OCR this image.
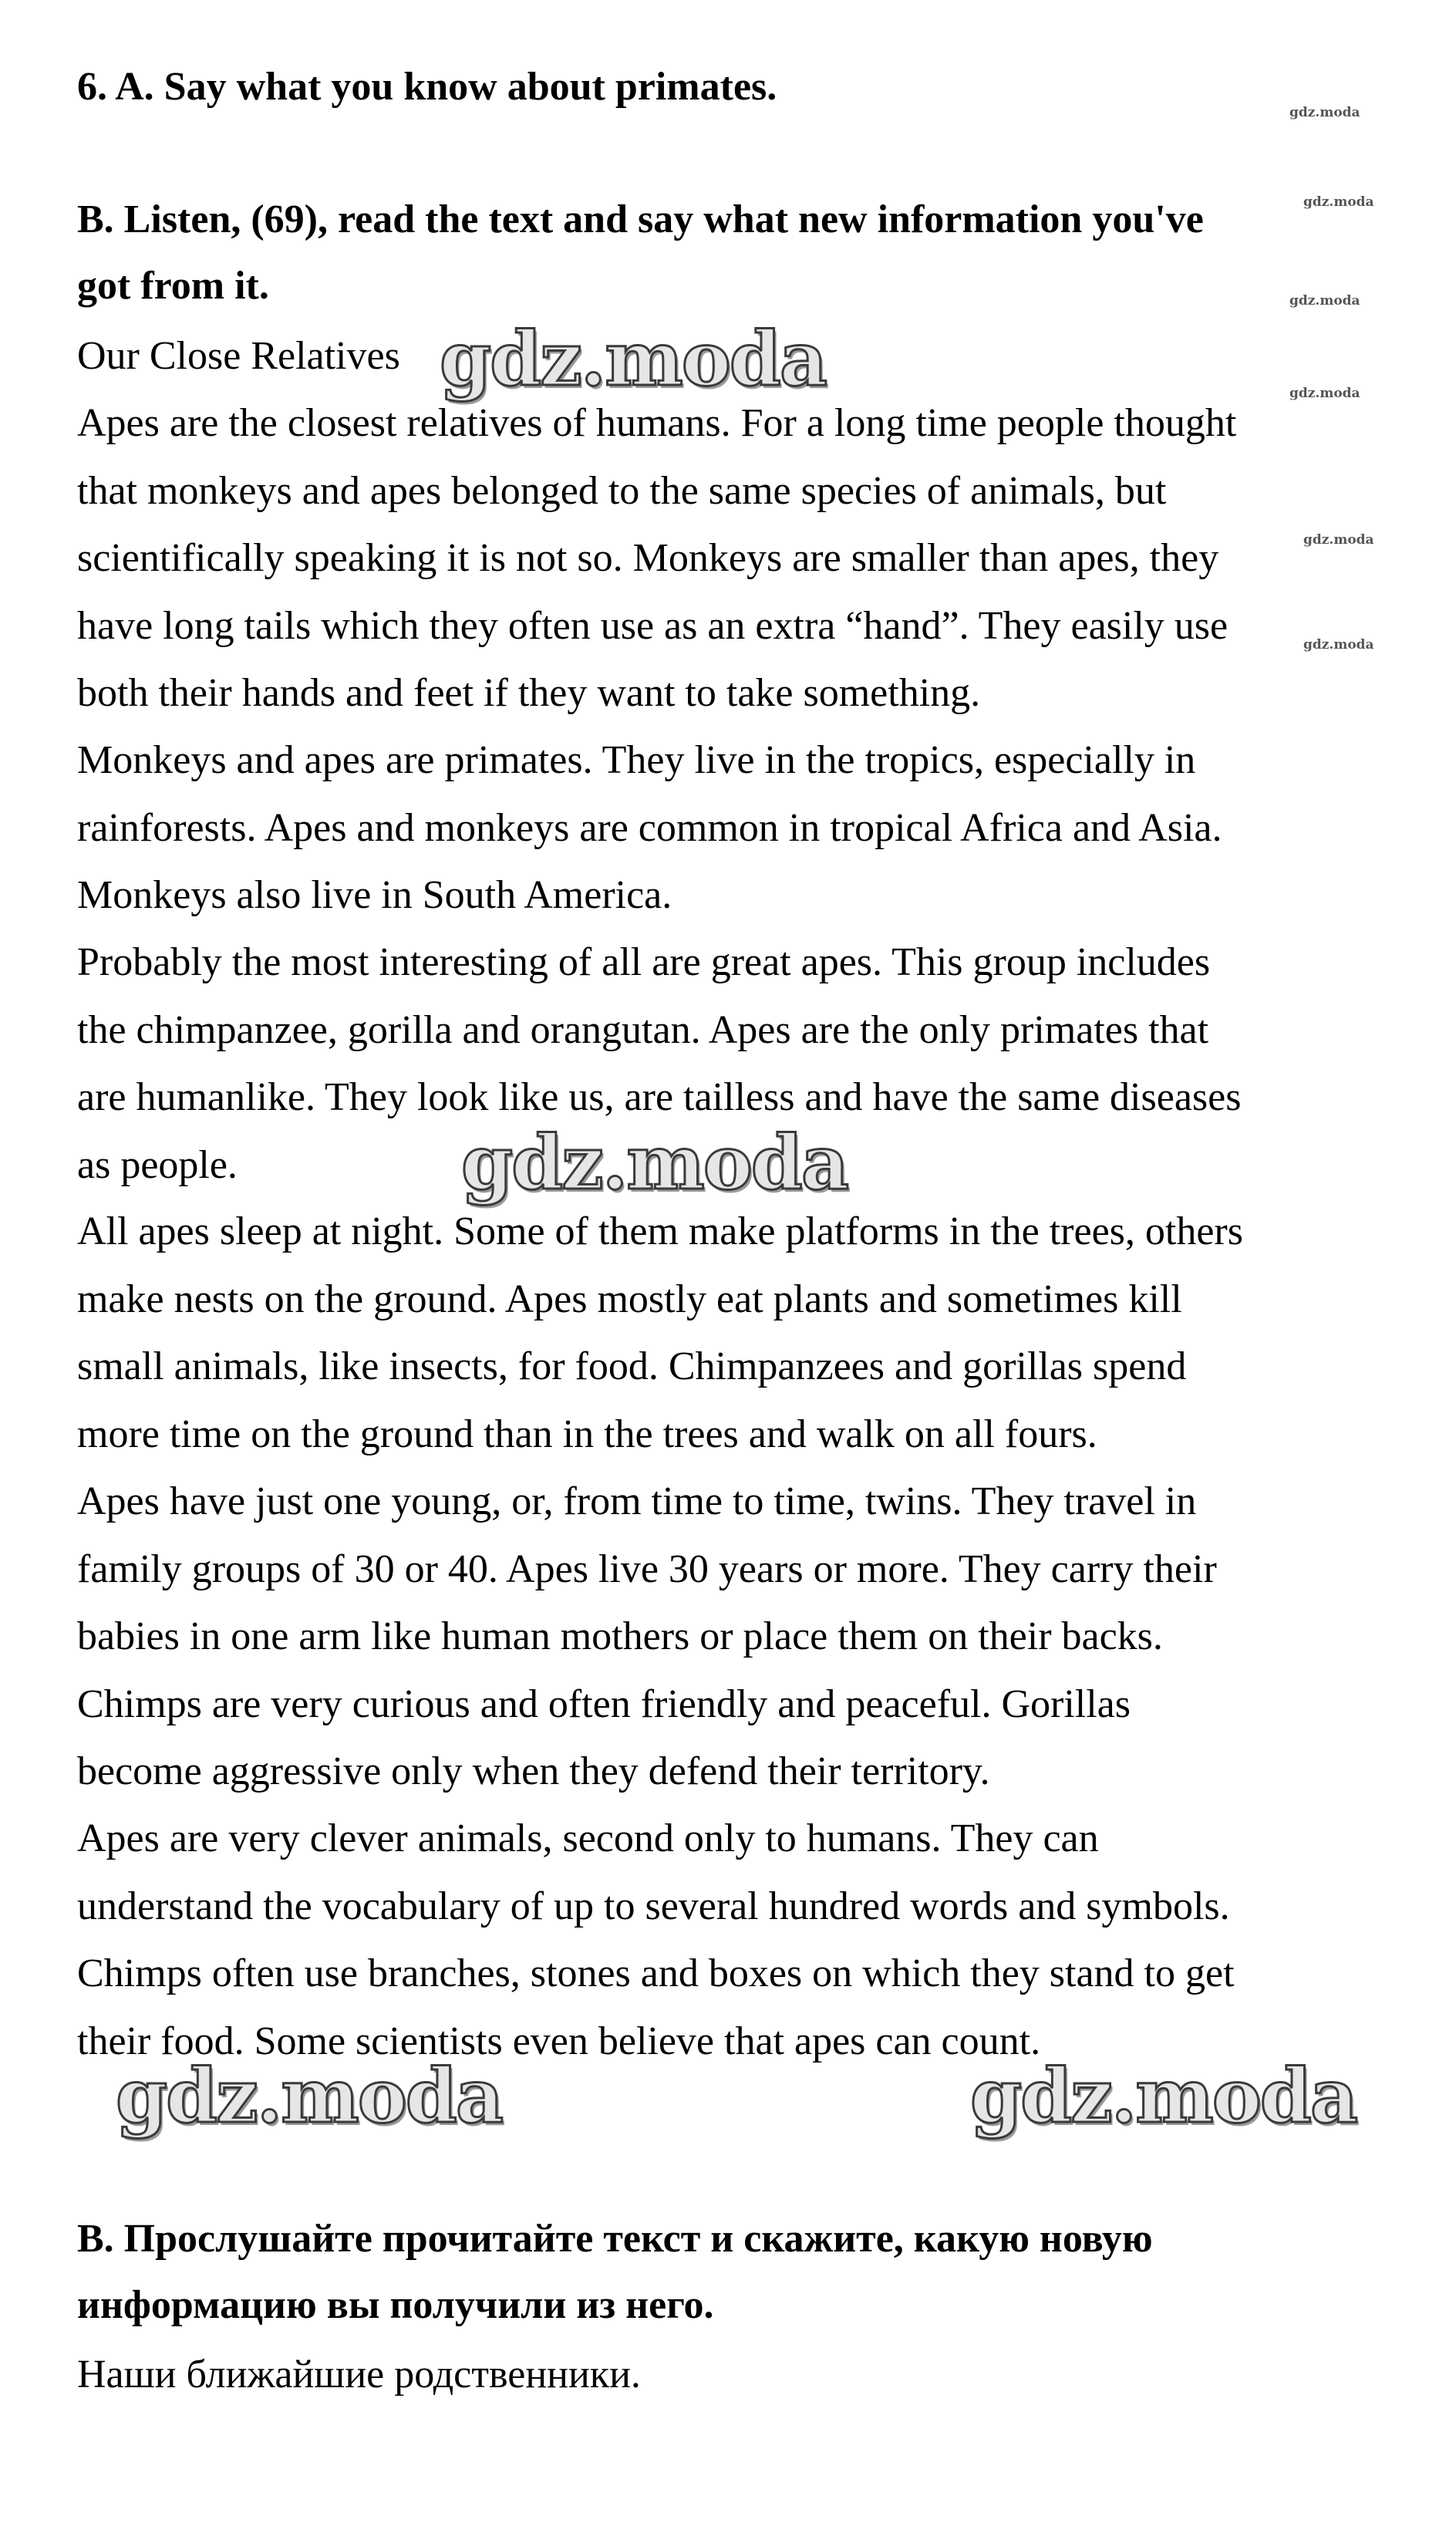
6. A. Say what you know about primates.
B. Listen, (69), read the text and say what new information you've
got from it.
Our Close Relatives
Apes are the closest relatives of humans. For a long time people thought
that monkeys and apes belonged to the same species of animals, but
scientifically speaking it is not so. Monkeys are smaller than apes, they
have long tails which they often use as an extra “hand”. They easily use
both their hands and feet if they want to take something.
Monkeys and apes are primates. They live in the tropics, especially in
rainforests. Apes and monkeys are common in tropical Africa and Asia.
Monkeys also live in South America.
Probably the most interesting of all are great apes. This group includes
the chimpanzee, gorilla and orangutan. Apes are the only primates that
are humanlike. They look like us, are tailless and have the same diseases
as people.
All apes sleep at night. Some of them make platforms in the trees, others
make nests on the ground. Apes mostly eat plants and sometimes kill
small animals, like insects, for food. Chimpanzees and gorillas spend
more time on the ground than in the trees and walk on all fours.
Apes have just one young, or, from time to time, twins. They travel in
family groups of 30 or 40. Apes live 30 years or more. They carry their
babies in one arm like human mothers or place them on their backs.
Chimps are very curious and often friendly and peaceful. Gorillas
become aggressive only when they defend their territory.
Apes are very clever animals, second only to humans. They can
understand the vocabulary of up to several hundred words and symbols.
Chimps often use branches, stones and boxes on which they stand to get
their food. Some scientists even believe that apes can count.
В. Прослушайте прочитайте текст и скажите, какую новую
информацию вы получили из него.
Наши ближайшие родственники.
gdz.moda
gdz.moda
gdz.moda	gdz.moda
gdz.moda
gdz.moda
gdz.moda
gdz.moda
gdz.moda
gdz.moda
